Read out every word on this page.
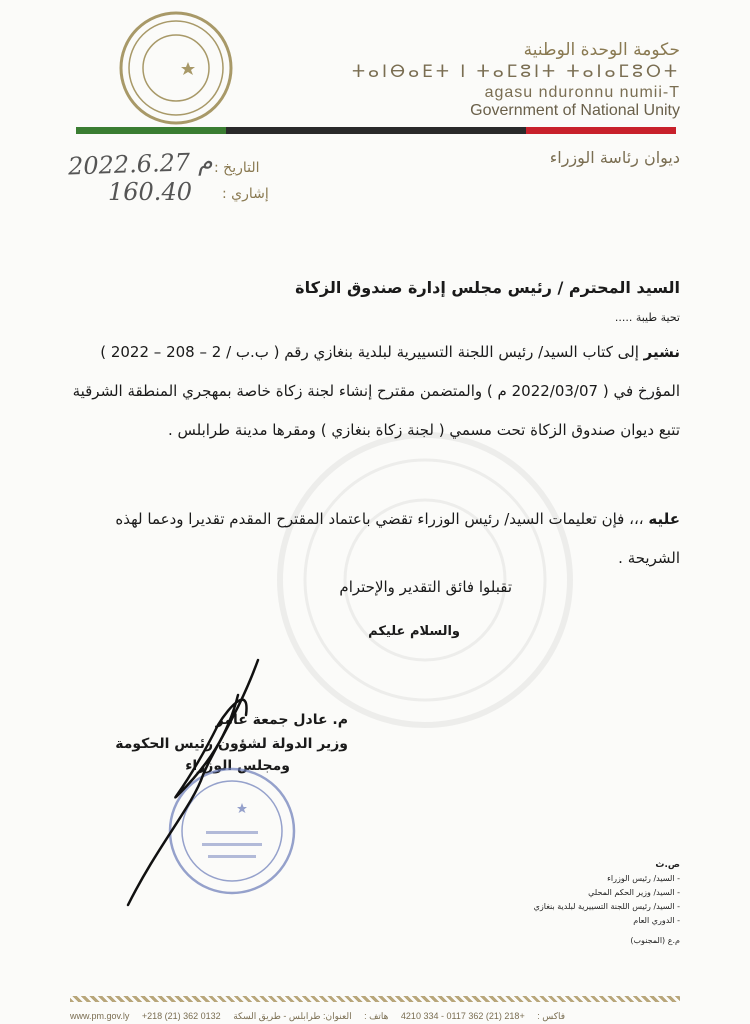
حكومة الوحدة الوطنية
ⵜⴰⵏⴱⴰⴹⵜ ⵏ ⵜⴰⵎⵓⵏⵜ ⵜⴰⵏⴰⵎⵓⵔⵜ
agasu nduronnu numii-T
Government of National Unity
ديوان رئاسة الوزراء
التاريخ :
إشاري :
2022.6.27 م
160.40
السيد المحترم / رئيس مجلس إدارة صندوق الزكاة
تحية طيبة .....
نشير إلى كتاب السيد/ رئيس اللجنة التسييرية لبلدية بنغازي رقم ( ب.ب / 2 – 208 – 2022 ) المؤرخ في ( 2022/03/07 م ) والمتضمن مقترح إنشاء لجنة زكاة خاصة بمهجري المنطقة الشرقية تتبع ديوان صندوق الزكاة تحت مسمي ( لجنة زكاة بنغازي ) ومقرها مدينة طرابلس .
عليه ،،، فإن تعليمات السيد/ رئيس الوزراء تقضي باعتماد المقترح المقدم تقديرا ودعما لهذه الشريحة .
تقبلوا فائق التقدير والإحترام
والسلام عليكم
م. عادل جمعة عامر
وزير الدولة لشؤون رئيس الحكومة
ومجلس الوزراء
ص.ث
- السيد/ رئيس الوزراء
- السيد/ وزير الحكم المحلي
- السيد/ رئيس اللجنة التسييرية لبلدية بنغازي
- الدوري العام
م.ع (المجنوب)
www.pm.gov.ly +218 (21) 362 0132	فاكس : +218 (21) 362 0117 - 334 4210 هاتف : العنوان: طرابلس - طريق السكة
